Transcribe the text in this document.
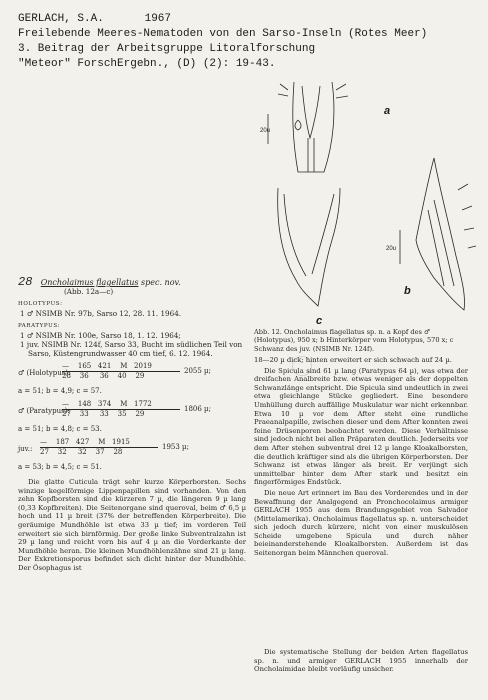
GERLACH, S.A.	1967
Freilebende Meeres-Nematoden von den Sarso-Inseln (Rotes Meer)
3. Beitrag der Arbeitsgruppe Litoralforschung
"Meteor" ForschErgebn., (D) (2): 19-43.
a
b
c
20u
20u
28 Oncholaimus flagellatus spec. nov.
(Abb. 12a—c)
HOLOTYPUS:
1 ♂ NSIMB Nr. 97b, Sarso 12, 28. 11. 1964.
PARATYPUS:
1 ♂ NSIMB Nr. 100e, Sarso 18, 1. 12. 1964;
1 juv. NSIMB Nr. 124f, Sarso 33, Bucht im südlichen Teil von Sarso, Küstengrundwasser 40 cm tief, 6. 12. 1964.
♂ (Holotypus):
—    165   421    M   2019
28    36     36    40    29
2055 µ;
a = 51; b = 4,9; c = 57.
♂ (Paratypus):
—    148   374    M   1772
27    33     33    35    29
1806 µ;
a = 51; b = 4,8; c = 53.
juv.:
—    187   427    M   1915
27    32     32    37    28
1953 µ;
a = 53; b = 4,5; c = 51.

Die glatte Cuticula trägt sehr kurze Körperborsten. Sechs winzige kegelförmige Lippenpapillen sind vorhanden. Von den zehn Kopfborsten sind die kürzeren 7 µ, die längeren 9 µ lang (0,33 Kopfbreiten). Die Seitenorgane sind queroval, beim ♂ 6,5 µ hoch und 11 µ breit (37% der betreffenden Körperbreite). Die geräumige Mundhöhle ist etwa 33 µ tief; im vorderen Teil erweitert sie sich birnförmig. Der große linke Subventralzahn ist 29 µ lang und reicht vorn bis auf 4 µ an die Vorderkante der Mundhöhle heran. Die kleinen Mundhöhlenzähne sind 21 µ lang. Der Exkretionsporus befindet sich dicht hinter der Mundhöhle. Der Ösophagus ist

Abb. 12. Oncholaimus flagellatus sp. n. a Kopf des ♂ (Holotypus), 950 x; b Hinterkörper vom Holotypus, 570 x; c Schwanz des juv. (NSIMB Nr. 124f).

18—20 µ dick; hinten erweitert er sich schwach auf 24 µ.

Die Spicula sind 61 µ lang (Paratypus 64 µ), was etwa der dreifachen Analbreite bzw. etwas weniger als der doppelten Schwanzlänge entspricht. Die Spicula sind undeutlich in zwei etwa gleichlange Stücke gegliedert. Eine besondere Umhüllung durch auffällige Muskulatur war nicht erkennbar. Etwa 10 µ vor dem After steht eine rundliche Praeanalpapille, zwischen dieser und dem After konnten zwei feine Drüsenporen beobachtet werden. Diese Verhältnisse sind jedoch nicht bei allen Präparaten deutlich. Jederseits vor dem After stehen subventral drei 12 µ lange Kloakalborsten, die deutlich kräftiger sind als die übrigen Körperborsten. Der Schwanz ist etwas länger als breit. Er verjüngt sich unmittelbar hinter dem After stark und besitzt ein fingerförmiges Endstück.

Die neue Art erinnert im Bau des Vorderendes und in der Bewaffnung der Analgegend an Pronchocolaimus armiger GERLACH 1955 aus dem Brandungsgebiet von Salvador (Mittelamerika). Oncholaimus flagellatus sp. n. unterscheidet sich jedoch durch kürzere, nicht von einer muskulösen Scheide umgebene Spicula und durch näher beieinanderstehende Kloakalborsten. Außerdem ist das Seitenorgan beim Männchen queroval.

Die systematische Stellung der beiden Arten flagellatus sp. n. und armiger GERLACH 1955 innerhalb der Oncholaimidae bleibt vorläufig unsicher.
